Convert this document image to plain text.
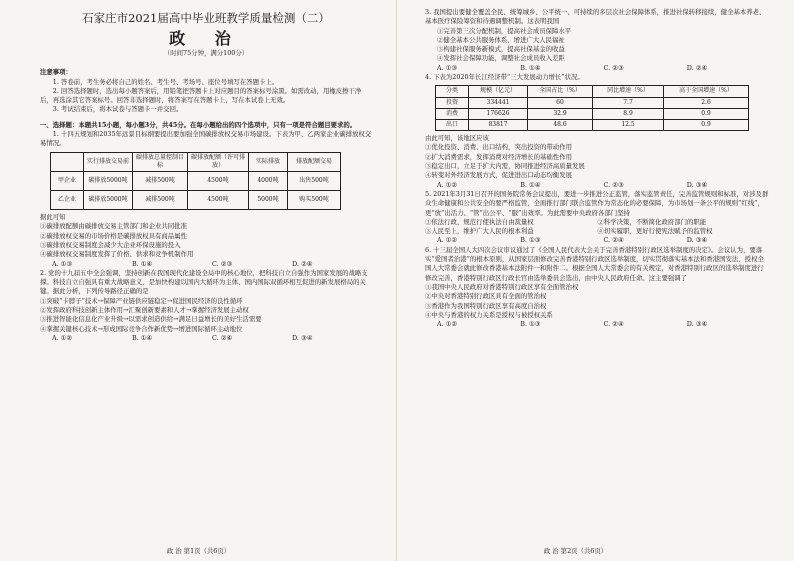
石家庄市2021届高中毕业班教学质量检测（二）

政 治

（时间75分钟，满分100分）

注意事项：

1. 答卷前，考生务必将自己的姓名、考生号、考场号、座位号填写在答题卡上。

2. 回答选择题时，选出每小题答案后，用铅笔把答题卡上对应题目的答案标号涂黑。如需改动，用橡皮擦干净后，再选涂其它答案标号。回答非选择题时，将答案写在答题卡上，写在本试卷上无效。

3. 考试结束后，将本试卷与答题卡一并交回。

一、选择题：本题共15小题，每小题3分，共45分。在每小题给出的四个选项中，只有一项是符合题目要求的。

1. 十四五规划和2035年远景目标纲要提出要加强全国碳排放权交易市场建设。下表为甲、乙两家企业碳排放权交易情况。

	实行排放交易前	碳排放总量控制目标	碳排放配额（许可排放）	实际排放	排放配额交易
甲企业	碳排放5000吨	减排500吨	4500吨	4000吨	出售500吨
乙企业	碳排放5000吨	减排500吨	4500吨	5000吨	购买500吨

据此可知

①碳排放配额由碳排放交易主管部门和企业共同批准

②碳排放权交易的市场价格是碳排放权具有商品属性

③碳排放权交易制度会减少大企业环保设施的投入

④碳排放权交易制度发挥了价格、供求和竞争机制作用

A. ①③	B. ①④	C. ②③	D. ②④

2. 党的十九届五中全会强调，坚持创新在我国现代化建设全局中的核心地位，把科技自立自强作为国家发展的战略支撑。科技自立自强具有重大战略意义，是加快构建以国内大循环为主体、国内国际双循环相互促进的新发展格局的关键。据此分析，下列传导路径正确的是

①突破“卡脖子”技术→保障产业链供应链稳定→促进国民经济的良性循环

②发挥政府科技创新主体作用→汇聚创新要素和人才→掌握经济发展主动权

③推进智能化信息化产业升级→以需求创造供给→满足日益增长的美好生活需要

④掌握关键核心技术→形成国际竞争合作新优势→增进国际循环主动地位

A. ①②	B. ①④	C. ②④	D. ③④
政 治 第1页（共6页）

3. 我国提出要健全覆盖全民、统筹城乡、公平统一、可持续的多层次社会保障体系，推进社保转移接续，健全基本养老、基本医疗保险筹资和待遇调整机制。这表明我国

①完善第三次分配机制，提高社会成员保障水平

②健全基本公共服务体系，增进广大人民福祉

③构建社保服务新模式，提高社保基金的收益

④发挥社会保障功能，调整社会成员收入差距

A. ①③	B. ①④	C. ②③	D. ②④

4. 下表为2020年长江经济带“三大发展动力增长”状况。

分类	规模（亿元）	全国占比（%）	同比增速（%）	高于全国增速（%）
投资	334441	60	7.7	2.6
消费	176626	32.9	8.9	0.9
出口	83817	48.6	12.5	0.9

由此可知，该地区应该

①优化投资、消费、出口结构，突出投资的带动作用

②扩大消费需求，发挥消费对经济增长的基础性作用

③稳定出口，立足于扩大内需，协同推进经济高质量发展

④转变对外经济发展方式，促进进出口动态均衡发展

A. ①②	B. ①④	C. ②③	D. ③④

5. 2021年3月31日召开的国务院常务会议提出，要进一步推进公正监管，落实监管责任，完善监管规则和标准，对涉及群众生命健康和公共安全的要严格监管，全面推行部门联合监管作为常态化的必要保障，为市场划一条公平的规则“红线”，更“放”出活力、“管”出公平、“服”出效率。为此需要中央政府各部门坚持

①依法行政，规范行使执法自由裁量权	②科学决策，不断简化政府部门的职能
③人民至上，维护广大人民的根本利益	④切实履职，更好行使宪法赋予的监管权
A. ①②	B. ①③	C. ②④	D. ③④

6. 十三届全国人大四次会议审议通过了《全国人民代表大会关于完善香港特别行政区选举制度的决定》。会议认为，要落实“爱国者治港”的根本原则，从国家层面修改完善香港特别行政区选举制度，切实贯彻落实基本法和香港国安法，授权全国人大常委会就此修改香港基本法附件一和附件二。根据全国人大常委会的有关规定，对香港特别行政区的选举制度进行修改完善，香港特别行政区行政长官由选举委员会选出，由中央人民政府任命。这主要强调了

①我国中央人民政府对香港特别行政区享有全面管治权

②中央对香港特别行政区具有全面的管治权

③香港作为我国特别行政区享有高度自治权

④中央与香港的权力关系是授权与被授权关系

A. ①②	B. ①③	C. ②④	D. ③④
政 治 第2页（共6页）
